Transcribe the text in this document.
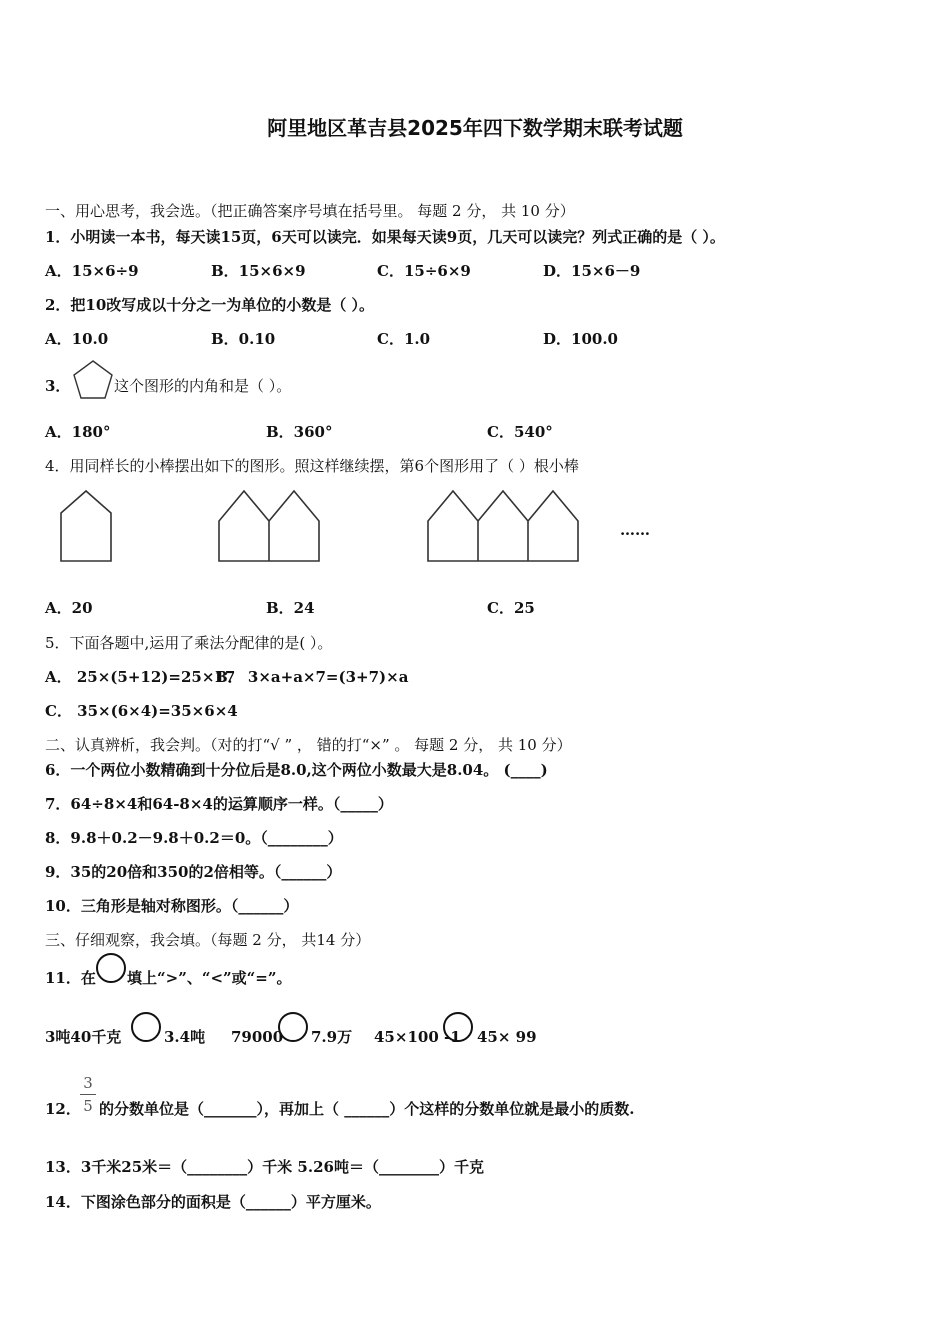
阿里地区革吉县2025年四下数学期末联考试题
一、用心思考，我会选。（把正确答案序号填在括号里。 每题 2 分， 共 10 分）
1．小明读一本书，每天读15页，6天可以读完．如果每天读9页，几天可以读完？列式正确的是（ ）。
A．15×6÷9	B．15×6×9	C．15÷6×9	D．15×6－9
2．把10改写成以十分之一为单位的小数是（ ）。
A．10.0	B．0.10	C．1.0	D．100.0
3．	这个图形的内角和是（ ）。
A．180°	B．360°	C．540°
4．用同样长的小棒摆出如下的图形。照这样继续摆，第6个图形用了（ ）根小棒
……
A．20	B．24	C．25
5．下面各题中,运用了乘法分配律的是( ）。
A． 25×(5+12)=25×17
B． 3×a+a×7=(3+7)×a
C． 35×(6×4)=35×6×4
二、认真辨析，我会判。（对的打“√ ” ， 错的打“×” 。 每题 2 分， 共 10 分）
6．一个两位小数精确到十分位后是8.0,这个两位小数最大是8.04。 (____)
7．64÷8×4和64-8×4的运算顺序一样。（_____）
8．9.8＋0.2－9.8＋0.2＝0。（________）
9．35的20倍和350的2倍相等。（______）
10．三角形是轴对称图形。（______）
三、仔细观察，我会填。（每题 2 分， 共14 分）
11．在 填上“>”、“<”或“=”。
3吨40千克	3.4吨 79000 7.9万 45×100 -1 45× 99
12．
3
5 的分数单位是（_______），再加上（ ______）个这样的分数单位就是最小的质数.
13．3千米25米＝（________）千米 5.26吨＝（________）千克
14．下图涂色部分的面积是（______）平方厘米。
